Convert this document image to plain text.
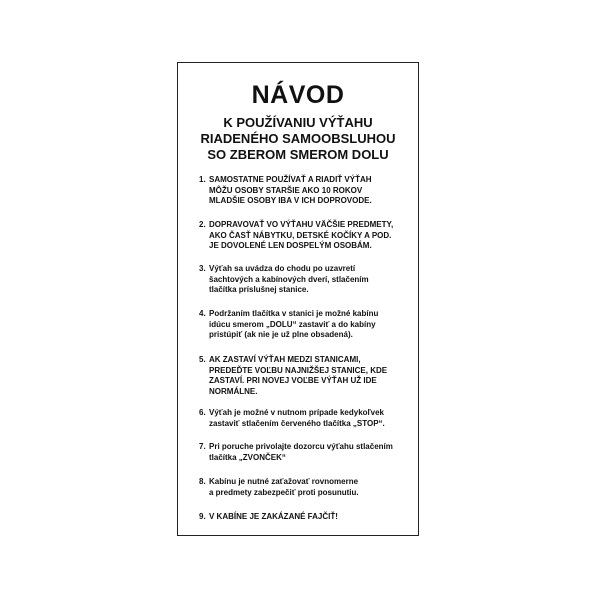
NÁVOD
K POUŽÍVANIU VÝŤAHU
RIADENÉHO SAMOOBSLUHOU
SO ZBEROM SMEROM DOLU
1. SAMOSTATNE POUŽÍVAŤ A RIADIŤ VÝŤAH
MÔŽU OSOBY STARŠIE AKO 10 ROKOV
MLADŠIE OSOBY IBA V ICH DOPROVODE.
2. DOPRAVOVAŤ VO VÝŤAHU VÄČŠIE PREDMETY,
AKO ČASŤ NÁBYTKU, DETSKÉ KOČÍKY A POD.
JE DOVOLENÉ LEN DOSPELÝM OSOBÁM.
3. Výťah sa uvádza do chodu po uzavretí
šachtových a kabínových dverí, stlačením
tlačítka príslušnej stanice.
4. Podržaním tlačítka v stanici je možné kabínu
idúcu smerom „DOLU“ zastaviť a do kabíny
pristúpiť (ak nie je už plne obsadená).
5. AK ZASTAVÍ VÝŤAH MEDZI STANICAMI,
PREDEĎTE VOĽBU NAJNIŽŠEJ STANICE, KDE
ZASTAVÍ. PRI NOVEJ VOĽBE VÝŤAH UŽ IDE
NORMÁLNE.
6. Výťah je možné v nutnom prípade kedykoľvek
zastaviť stlačením červeného tlačítka „STOP“.
7. Pri poruche privolajte dozorcu výťahu stlačením
tlačítka „ZVONČEK“
8. Kabínu je nutné zaťažovať rovnomerne
a predmety zabezpečiť proti posunutiu.
9. V KABÍNE JE ZAKÁZANÉ FAJČIŤ!
